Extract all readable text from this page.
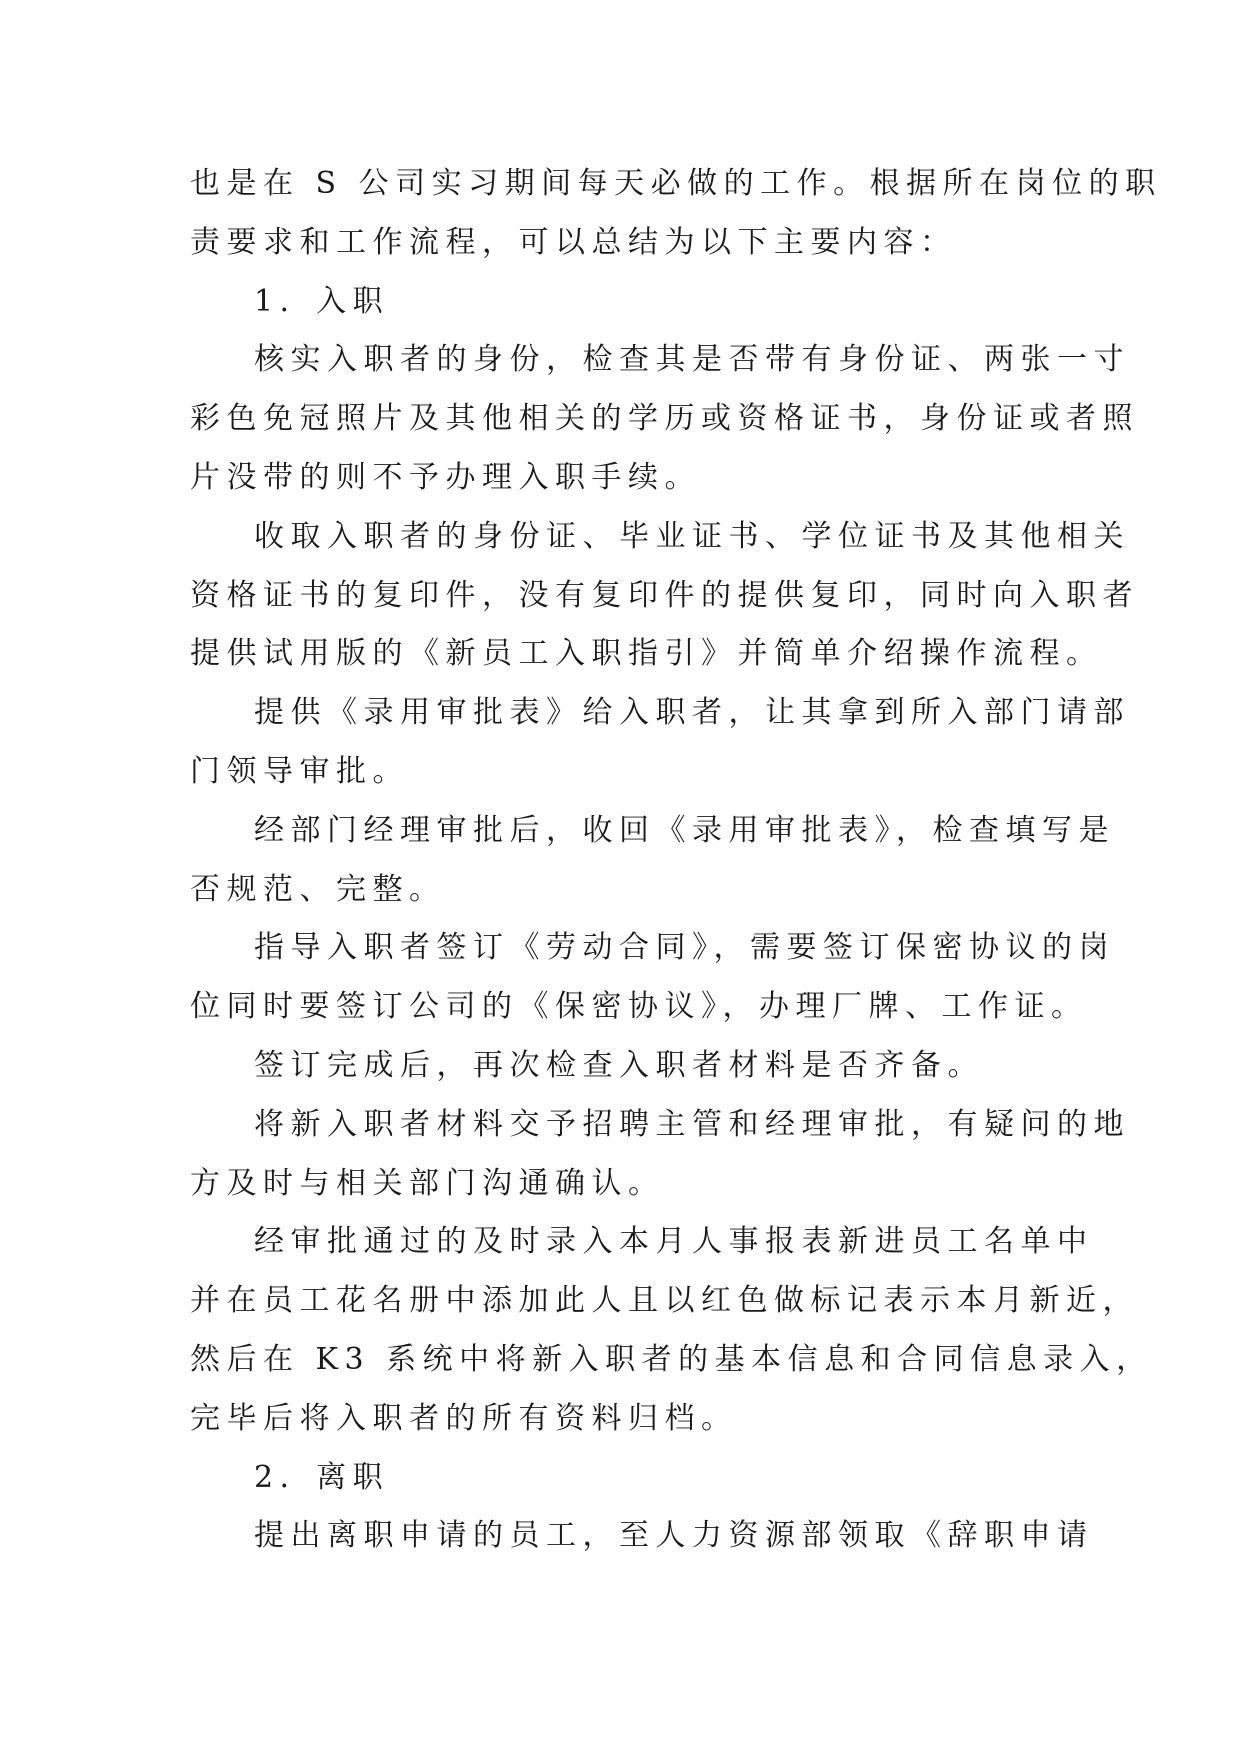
也是在 S 公司实习期间每天必做的工作。根据所在岗位的职
责要求和工作流程，可以总结为以下主要内容：
1．入职
核实入职者的身份，检查其是否带有身份证、两张一寸
彩色免冠照片及其他相关的学历或资格证书，身份证或者照
片没带的则不予办理入职手续。
收取入职者的身份证、毕业证书、学位证书及其他相关
资格证书的复印件，没有复印件的提供复印，同时向入职者
提供试用版的《新员工入职指引》并简单介绍操作流程。
提供《录用审批表》给入职者，让其拿到所入部门请部
门领导审批。
经部门经理审批后，收回《录用审批表》，检查填写是
否规范、完整。
指导入职者签订《劳动合同》，需要签订保密协议的岗
位同时要签订公司的《保密协议》，办理厂牌、工作证。
签订完成后，再次检查入职者材料是否齐备。
将新入职者材料交予招聘主管和经理审批，有疑问的地
方及时与相关部门沟通确认。
经审批通过的及时录入本月人事报表新进员工名单中
并在员工花名册中添加此人且以红色做标记表示本月新近，
然后在 K3 系统中将新入职者的基本信息和合同信息录入，
完毕后将入职者的所有资料归档。
2．离职
提出离职申请的员工，至人力资源部领取《辞职申请
